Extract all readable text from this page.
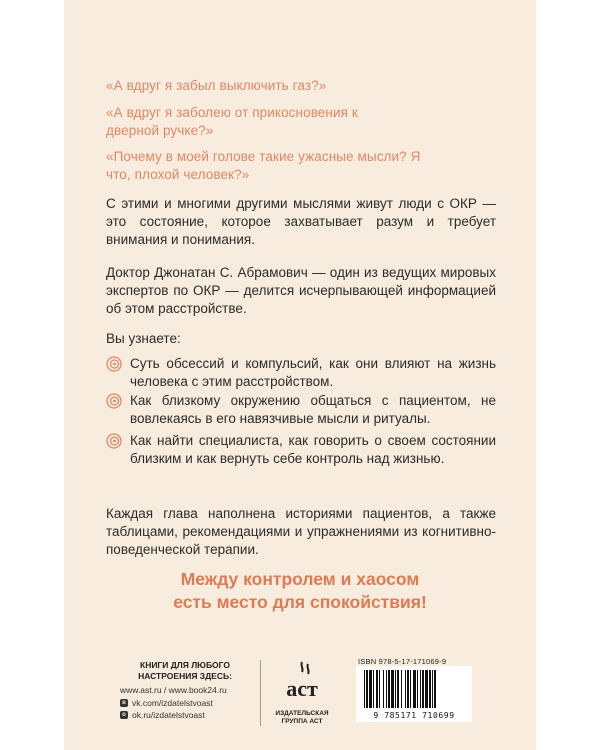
«А вдруг я забыл выключить газ?»
«А вдруг я заболею от прикосновения к дверной ручке?»
«Почему в моей голове такие ужасные мысли? Я что, плохой человек?»
С этими и многими другими мыслями живут люди с ОКР — это состояние, которое захватывает разум и требует внимания и понимания.
Доктор Джонатан С. Абрамович — один из ведущих мировых экспертов по ОКР — делится исчерпывающей информацией об этом расстройстве.
Вы узнаете:
Суть обсессий и компульсий, как они влияют на жизнь человека с этим расстройством.
Как близкому окружению общаться с пациентом, не вовлекаясь в его навязчивые мысли и ритуалы.
Как найти специалиста, как говорить о своем состоянии близким и как вернуть себе контроль над жизнью.
Каждая глава наполнена историями пациентов, а также таблицами, рекомендациями и упражнениями из когнитивно-поведенческой терапии.
Между контролем и хаосом
есть место для спокойствия!
КНИГИ ДЛЯ ЛЮБОГО
НАСТРОЕНИЯ ЗДЕСЬ:
www.ast.ru / www.book24.ru
в vk.com/izdatelstvoast
о ok.ru/izdatelstvoast
аст
ИЗДАТЕЛЬСКАЯ
ГРУППА АСТ
ISBN 978-5-17-171069-9
9 785171 710699
